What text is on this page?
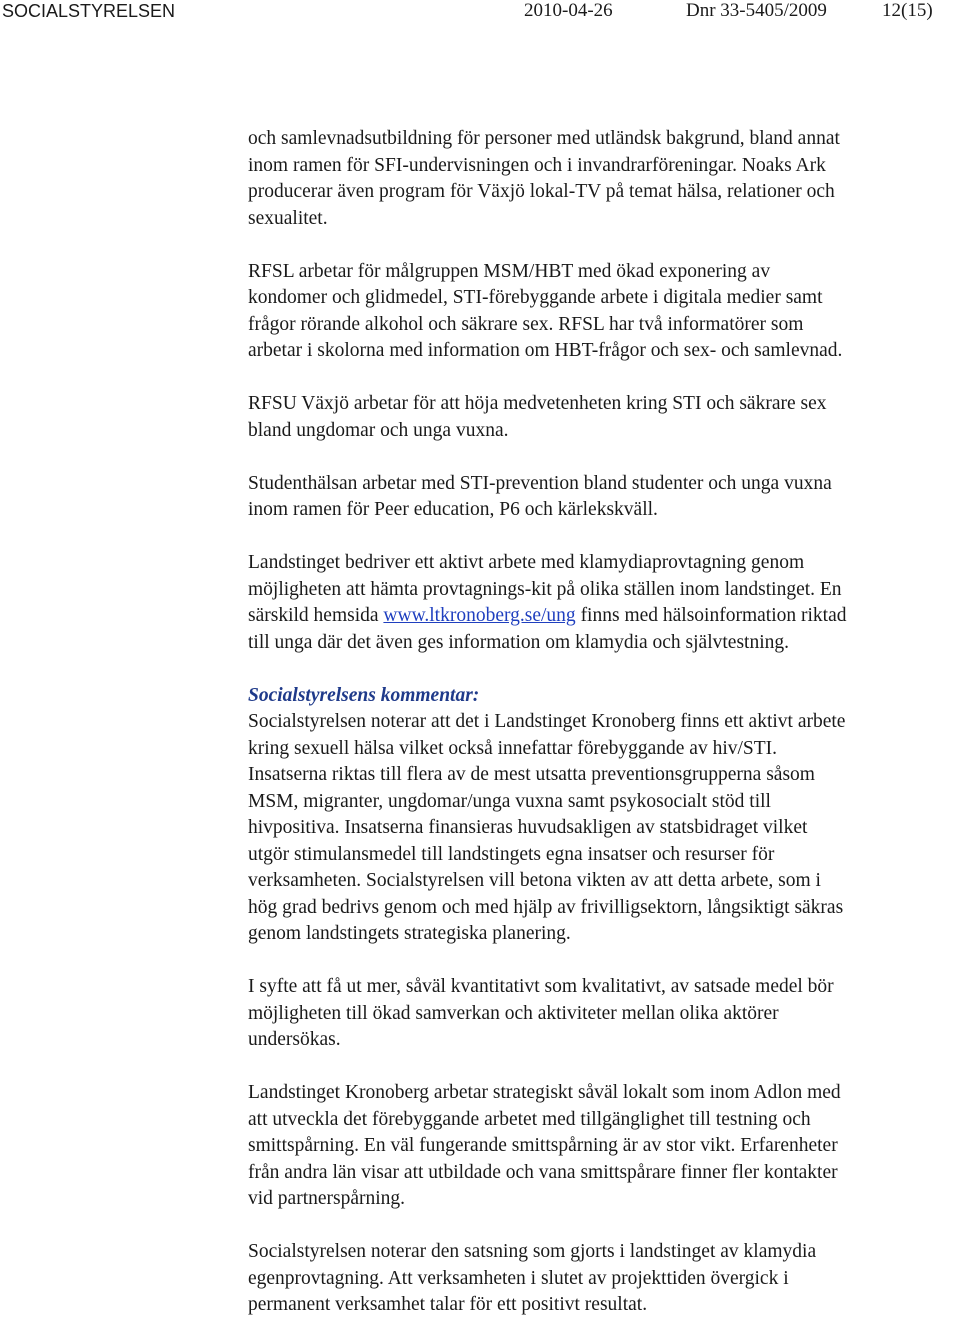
SOCIALSTYRELSEN	2010-04-26	Dnr 33-5405/2009	12(15)

och samlevnadsutbildning för personer med utländsk bakgrund, bland annat
inom ramen för SFI-undervisningen och i invandrarföreningar. Noaks Ark
producerar även program för Växjö lokal-TV på temat hälsa, relationer och
sexualitet.

RFSL arbetar för målgruppen MSM/HBT med ökad exponering av
kondomer och glidmedel, STI-förebyggande arbete i digitala medier samt
frågor rörande alkohol och säkrare sex. RFSL har två informatörer som
arbetar i skolorna med information om HBT-frågor och sex- och samlevnad.

RFSU Växjö arbetar för att höja medvetenheten kring STI och säkrare sex
bland ungdomar och unga vuxna.

Studenthälsan arbetar med STI-prevention bland studenter och unga vuxna
inom ramen för Peer education, P6 och kärlekskväll.

Landstinget bedriver ett aktivt arbete med klamydiaprovtagning genom
möjligheten att hämta provtagnings-kit på olika ställen inom landstinget. En
särskild hemsida www.ltkronoberg.se/ung finns med hälsoinformation riktad
till unga där det även ges information om klamydia och självtestning.

Socialstyrelsens kommentar:
Socialstyrelsen noterar att det i Landstinget Kronoberg finns ett aktivt arbete
kring sexuell hälsa vilket också innefattar förebyggande av hiv/STI.
Insatserna riktas till flera av de mest utsatta preventionsgrupperna såsom
MSM, migranter, ungdomar/unga vuxna samt psykosocialt stöd till
hivpositiva. Insatserna finansieras huvudsakligen av statsbidraget vilket
utgör stimulansmedel till landstingets egna insatser och resurser för
verksamheten. Socialstyrelsen vill betona vikten av att detta arbete, som i
hög grad bedrivs genom och med hjälp av frivilligsektorn, långsiktigt säkras
genom landstingets strategiska planering.

I syfte att få ut mer, såväl kvantitativt som kvalitativt, av satsade medel bör
möjligheten till ökad samverkan och aktiviteter mellan olika aktörer
undersökas.

Landstinget Kronoberg arbetar strategiskt såväl lokalt som inom Adlon med
att utveckla det förebyggande arbetet med tillgänglighet till testning och
smittspårning. En väl fungerande smittspårning är av stor vikt. Erfarenheter
från andra län visar att utbildade och vana smittspårare finner fler kontakter
vid partnerspårning.

Socialstyrelsen noterar den satsning som gjorts i landstinget av klamydia
egenprovtagning. Att verksamheten i slutet av projekttiden övergick i
permanent verksamhet talar för ett positivt resultat.
